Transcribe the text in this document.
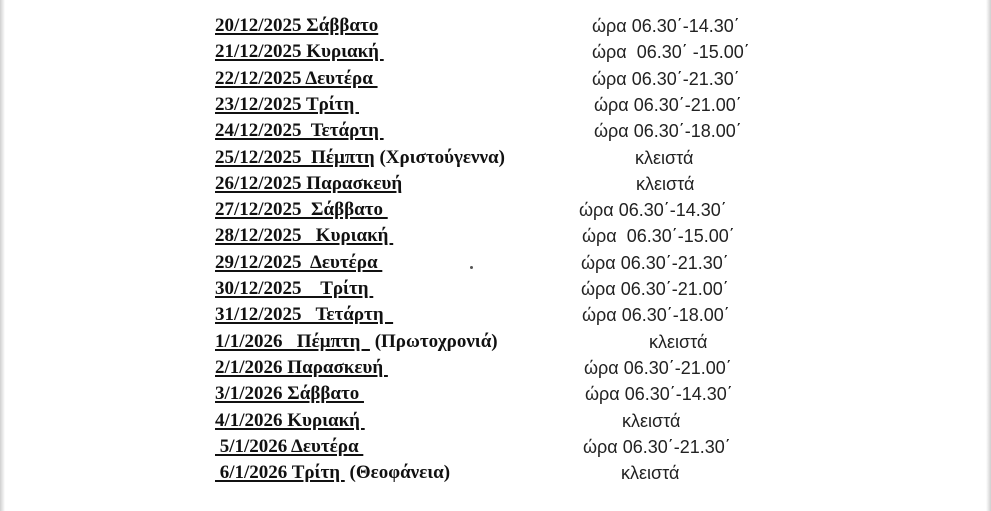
20/12/2025 Σάββατο	ώρα 06.30΄-14.30΄
21/12/2025 Κυριακή	ώρα  06.30΄ -15.00΄
22/12/2025 Δευτέρα	ώρα 06.30΄-21.30΄
23/12/2025 Τρίτη	ώρα 06.30΄-21.00΄
24/12/2025  Τετάρτη	ώρα 06.30΄-18.00΄
25/12/2025  Πέμπτη (Χριστούγεννα)	κλειστά
26/12/2025 Παρασκευή	κλειστά
27/12/2025  Σάββατο	ώρα 06.30΄-14.30΄
28/12/2025   Κυριακή	ώρα  06.30΄-15.00΄
29/12/2025  Δευτέρα	ώρα 06.30΄-21.30΄
30/12/2025    Τρίτη	ώρα 06.30΄-21.00΄
31/12/2025   Τετάρτη	ώρα 06.30΄-18.00΄
1/1/2026   Πέμπτη   (Πρωτοχρονιά)	κλειστά
2/1/2026 Παρασκευή	ώρα 06.30΄-21.00΄
3/1/2026 Σάββατο	ώρα 06.30΄-14.30΄
4/1/2026 Κυριακή	κλειστά
5/1/2026 Δευτέρα	ώρα 06.30΄-21.30΄
6/1/2026 Τρίτη  (Θεοφάνεια)	κλειστά
